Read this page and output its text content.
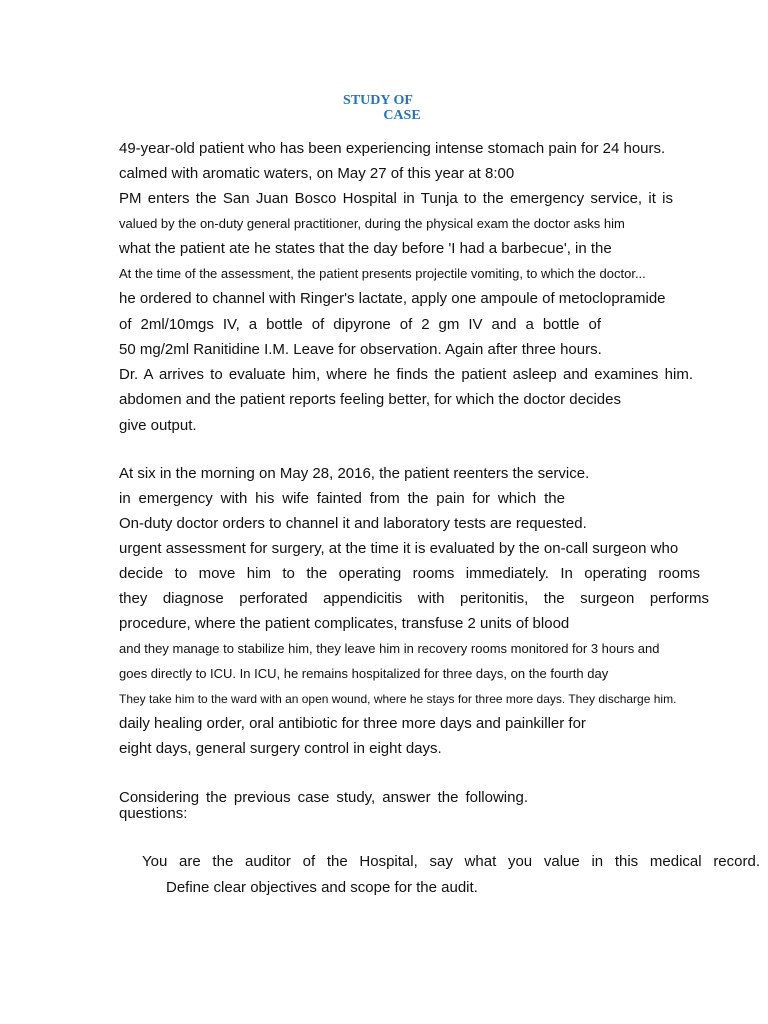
STUDY OF
CASE
49-year-old patient who has been experiencing intense stomach pain for 24 hours.
calmed with aromatic waters, on May 27 of this year at 8:00
PM enters the San Juan Bosco Hospital in Tunja to the emergency service, it is
valued by the on-duty general practitioner, during the physical exam the doctor asks him
what the patient ate he states that the day before 'I had a barbecue', in the
At the time of the assessment, the patient presents projectile vomiting, to which the doctor...
he ordered to channel with Ringer's lactate, apply one ampoule of metoclopramide
of 2ml/10mgs IV, a bottle of dipyrone of 2 gm IV and a bottle of
50 mg/2ml Ranitidine I.M. Leave for observation. Again after three hours.
Dr. A arrives to evaluate him, where he finds the patient asleep and examines him.
abdomen and the patient reports feeling better, for which the doctor decides
give output.
At six in the morning on May 28, 2016, the patient reenters the service.
in emergency with his wife fainted from the pain for which the
On-duty doctor orders to channel it and laboratory tests are requested.
urgent assessment for surgery, at the time it is evaluated by the on-call surgeon who
decide to move him to the operating rooms immediately. In operating rooms
they diagnose perforated appendicitis with peritonitis, the surgeon performs
procedure, where the patient complicates, transfuse 2 units of blood
and they manage to stabilize him, they leave him in recovery rooms monitored for 3 hours and
goes directly to ICU. In ICU, he remains hospitalized for three days, on the fourth day
They take him to the ward with an open wound, where he stays for three more days. They discharge him.
daily healing order, oral antibiotic for three more days and painkiller for
eight days, general surgery control in eight days.
Considering the previous case study, answer the following.
questions:
You are the auditor of the Hospital, say what you value in this medical record.
Define clear objectives and scope for the audit.
